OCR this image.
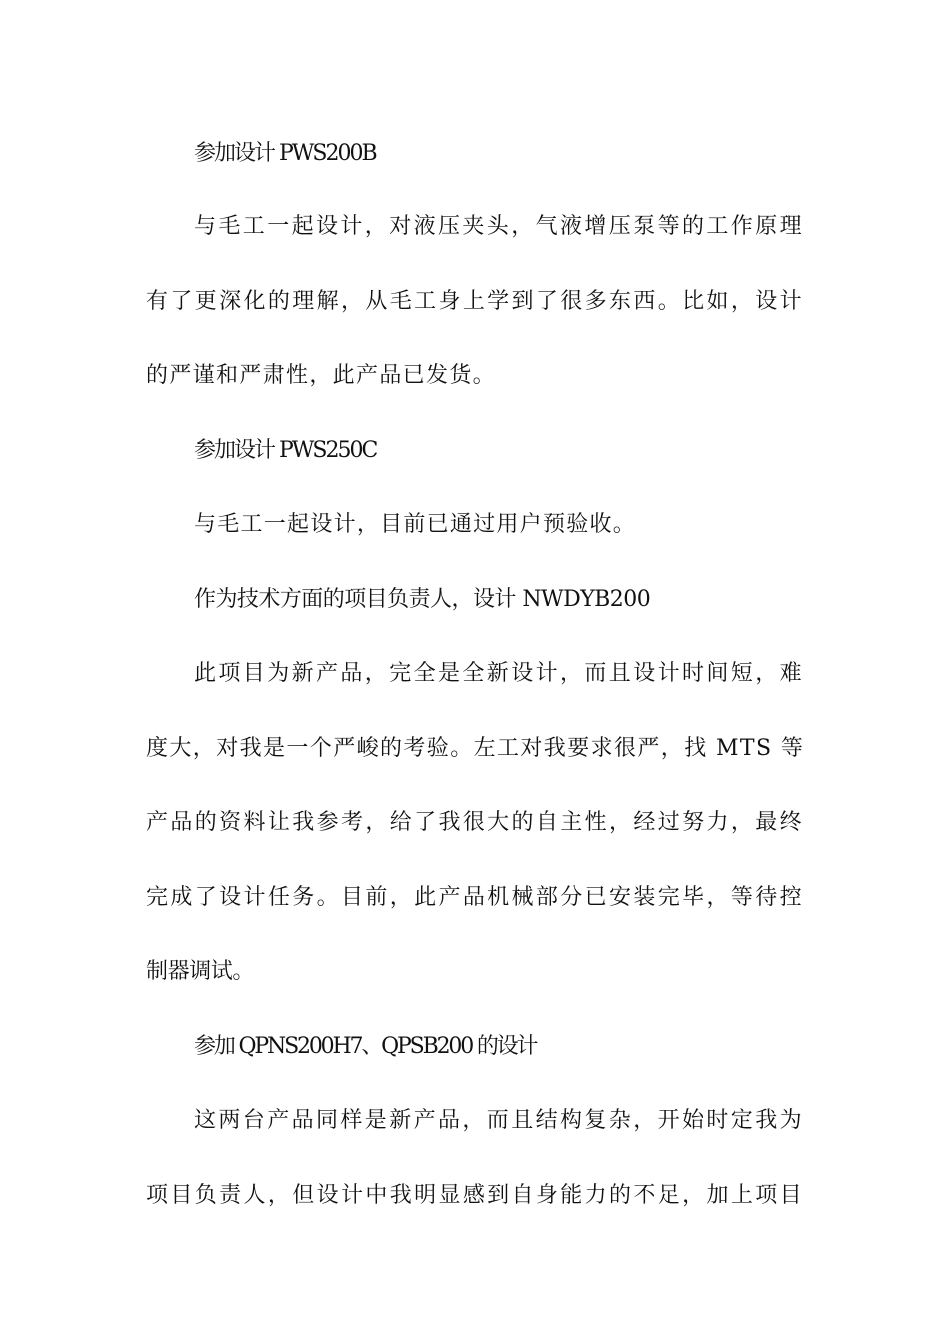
参加设计 PWS200B
与毛工一起设计，对液压夹头，气液增压泵等的工作原理
有了更深化的理解，从毛工身上学到了很多东西。比如，设计
的严谨和严肃性，此产品已发货。
参加设计 PWS250C
与毛工一起设计，目前已通过用户预验收。
作为技术方面的项目负责人，设计 NWDYB200
此项目为新产品，完全是全新设计，而且设计时间短，难
度大，对我是一个严峻的考验。左工对我要求很严，找 MTS 等
产品的资料让我参考，给了我很大的自主性，经过努力，最终
完成了设计任务。目前，此产品机械部分已安装完毕，等待控
制器调试。
参加 QPNS200H7、QPSB200 的设计
这两台产品同样是新产品，而且结构复杂，开始时定我为
项目负责人，但设计中我明显感到自身能力的不足，加上项目
